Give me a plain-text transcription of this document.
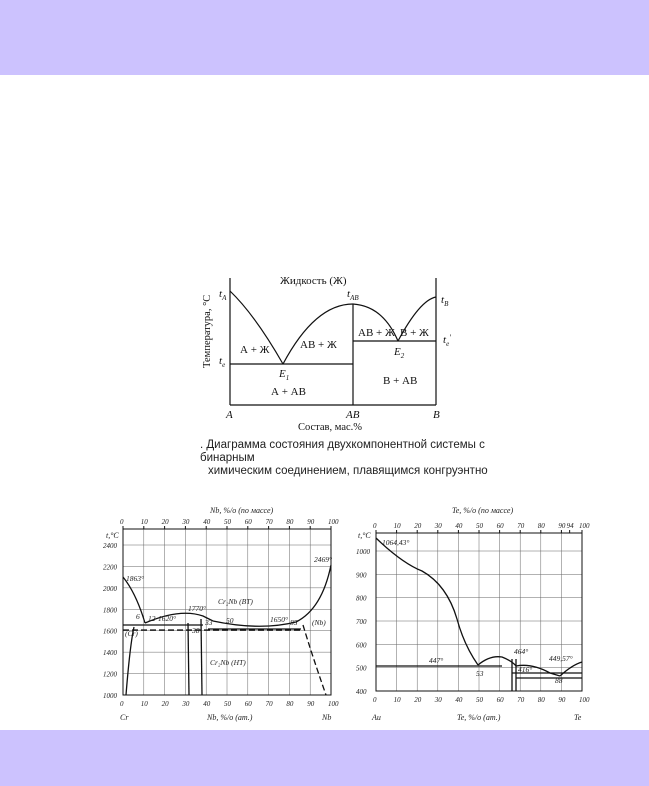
Жидкость (Ж)
Температура, °С
Состав, мас.%
$t_A$	$t_B$
$t_{AB}$
$t_e$
$t_e'$
$E_1$
$E_2$
А + Ж	АВ + Ж
АВ + Ж В + Ж
А + АВ
В + АВ
A	AB	B
. Диаграмма состояния двухкомпонентной системы с бинарным
химическим соединением, плавящимся конгруэнтно
1863°
2469°
1770°
1620°	1650°
Cr₂Nb (BT)
Cr₂Nb (НТ)
(Nb)
(Cr)
12	33
38
50	85
6
Nb, %/o (по массе)
t,°C
Cr	Nb, %/o (ат.)	Nb
0 10 20 30 40 50 60 70 80 90 100
0 10 20 30 40 50 60 70 80 90 100
2400
2200
2000
1800
1600
1400
1200
1000
1064,43°
464°
447°	449,57°
416°
53
88
Te, %/o (по массе)
t,°C
Au	Te, %/o (ат.)	Te
0 10 20 30 40 50 60 70 80 90 100
0 10 20 30 40 50 60 70 80 90 94 100
1000
900
800
700
600
500
400
